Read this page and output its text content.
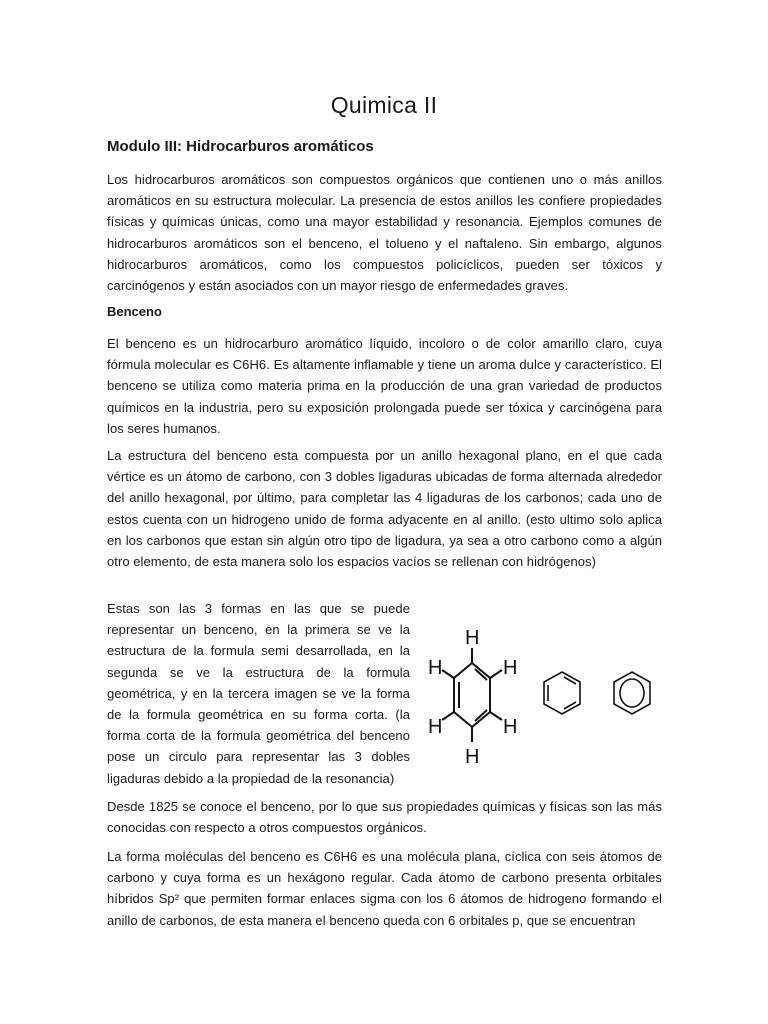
Quimica II
Modulo III: Hidrocarburos aromáticos

Los hidrocarburos aromáticos son compuestos orgánicos que contienen uno o más anillos aromáticos en su estructura molecular. La presencia de estos anillos les confiere propiedades físicas y químicas únicas, como una mayor estabilidad y resonancia. Ejemplos comunes de hidrocarburos aromáticos son el benceno, el tolueno y el naftaleno. Sin embargo, algunos hidrocarburos aromáticos, como los compuestos policíclicos, pueden ser tóxicos y carcinógenos y están asociados con un mayor riesgo de enfermedades graves.

Benceno

El benceno es un hidrocarburo aromático líquido, incoloro o de color amarillo claro, cuya fórmula molecular es C6H6. Es altamente inflamable y tiene un aroma dulce y característico. El benceno se utiliza como materia prima en la producción de una gran variedad de productos químicos en la industria, pero su exposición prolongada puede ser tóxica y carcinógena para los seres humanos.

La estructura del benceno esta compuesta por un anillo hexagonal plano, en el que cada vértice es un átomo de carbono, con 3 dobles ligaduras ubicadas de forma alternada alrededor del anillo hexagonal, por último, para completar las 4 ligaduras de los carbonos; cada uno de estos cuenta con un hidrogeno unido de forma adyacente en al anillo. (esto ultimo solo aplica en los carbonos que estan sin algún otro tipo de ligadura, ya sea a otro carbono como a algún otro elemento, de esta manera solo los espacios vacíos se rellenan con hidrógenos)

Estas son las 3 formas en las que se puede representar un benceno, en la primera se ve la estructura de la formula semi desarrollada, en la segunda se ve la estructura de la formula geométrica, y en la tercera imagen se ve la forma de la formula geométrica en su forma corta. (la forma corta de la formula geométrica del benceno pose un circulo para representar las 3 dobles ligaduras debido a la propiedad de la resonancia)

H
H
H
H
H
H

Desde 1825 se conoce el benceno, por lo que sus propiedades químicas y físicas son las más conocidas con respecto a otros compuestos orgánicos.

La forma moléculas del benceno es C6H6 es una molécula plana, cíclica con seis átomos de carbono y cuya forma es un hexágono regular. Cada átomo de carbono presenta orbitales híbridos Sp² que permiten formar enlaces sigma con los 6 átomos de hidrogeno formando el anillo de carbonos, de esta manera el benceno queda con 6 orbitales p, que se encuentran
